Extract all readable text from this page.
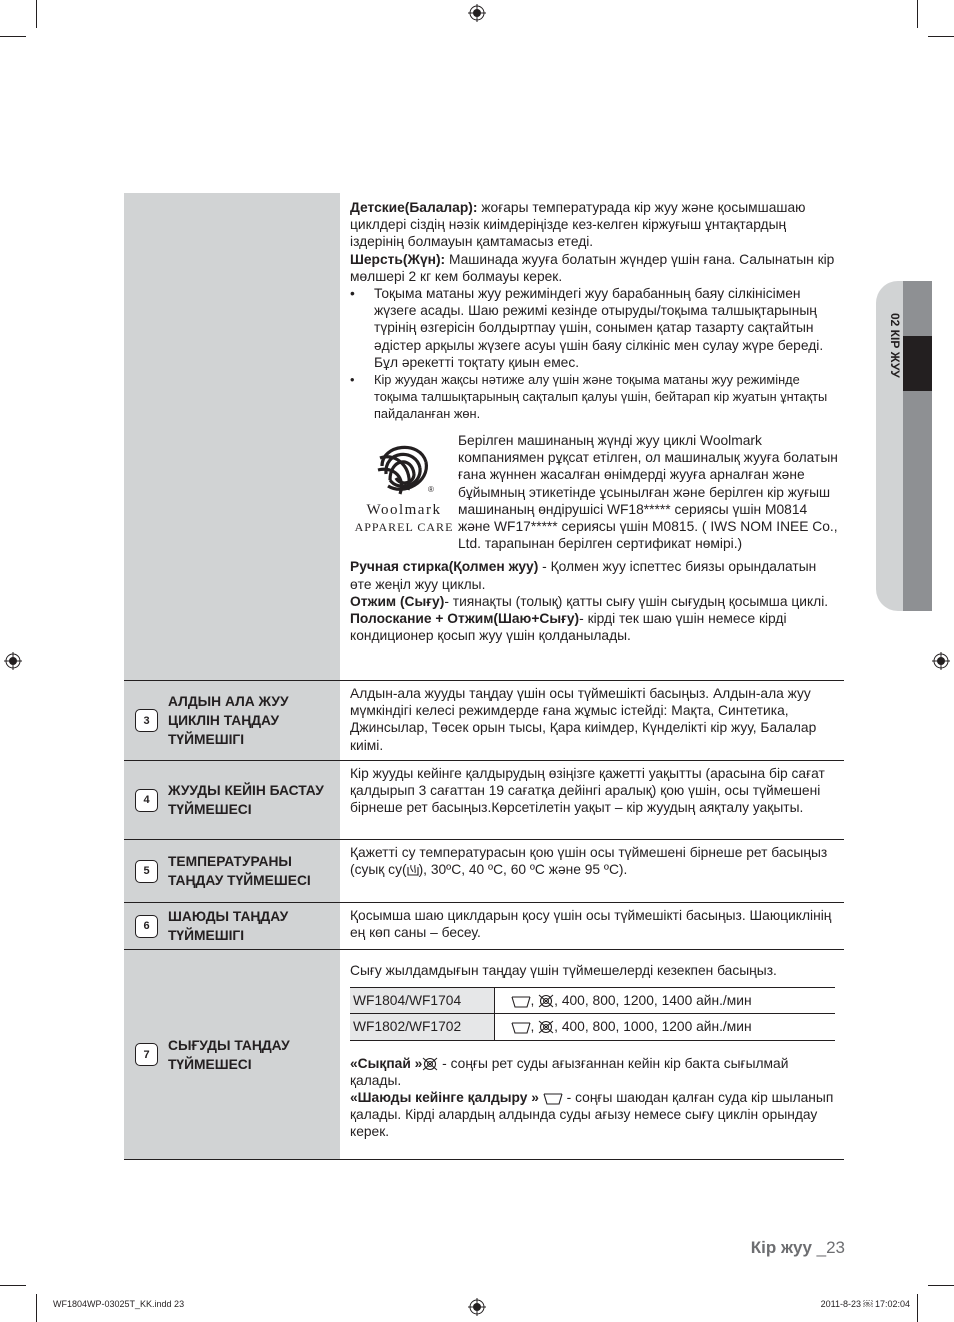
02 КІР ЖУУ
Детские(Балалар): жоғары температурада кір жуу және қосымшашаю циклдері сіздің нәзік киімдеріңізде кез-келген кіржуғыш ұнтақтардың іздерінің болмауын қамтамасыз етеді.
Шерсть(Жүн): Машинада жууға болатын жүндер үшін ғана. Салынатын кір мөлшері 2 кг кем болмауы керек.
•	Тоқыма матаны жуу режиміндегі жуу барабанның баяу сілкінісімен жүзеге асады. Шаю режимі кезінде отыруды/тоқыма талшықтарының түрінің өзгерісін болдыртпау үшін, сонымен қатар тазарту сақтайтын әдістер арқылы жүзеге асуы үшін баяу сілкініс мен сулау жүре береді. Бұл әрекетті тоқтату қиын емес.
•	Кір жуудан жақсы нәтиже алу үшін және тоқыма матаны жуу режимінде тоқыма талшықтарының сақталып қалуы үшін, бейтарап кір жуатын ұнтақты пайдаланған жөн.
®
Woolmark
APPAREL CARE
Берілген машинаның жүнді жуу циклі Woolmark компаниямен рұқсат етілген, ол машиналық жууға болатын ғана жүннен жасалған өнімдерді жууға арналған және бұйымның этикетінде ұсынылған және берілген кір жуғыш машинаның өндірушісі WF18***** сериясы үшін M0814 және WF17***** сериясы үшін M0815. ( IWS NOM INEE Co., Ltd. тарапынан берілген сертификат нөмірі.)
Ручная стирка(Қолмен жуу) - Қолмен жуу іспеттес биязы орындалатын өте жеңіл жуу циклы.
Отжим (Сығу)- тиянақты (толық) қатты сығу үшін сығудың қосымша циклі.
Полоскание + Отжим(Шаю+Сығу)- кірді тек шаю үшін немесе кірді кондиционер қосып жуу үшін қолданылады.
3
АЛДЫН АЛА ЖУУ ЦИКЛІН ТАҢДАУ ТҮЙМЕШІГІ
Алдын-ала жууды таңдау үшін осы түймешікті басыңыз. Алдын-ала жуу мүмкіндігі келесі режимдерде ғана жұмыс істейді: Мақта, Синтетика, Джинсылар, Төсек орын тысы, Қара киімдер, Күнделікті кір жуу, Балалар киімі.
4
ЖУУДЫ КЕЙІН БАСТАУ ТҮЙМЕШЕСІ
Кір жууды кейінге қалдырудың өзіңізге қажетті уақытты (арасына бір сағат қалдырып 3 сағаттан 19 сағатқа дейінгі аралық) қою үшін, осы түймешені бірнеше рет басыңыз.Көрсетілетін уақыт – кір жуудың аяқталу уақыты.
5
ТЕМПЕРАТУРАНЫ ТАҢДАУ ТҮЙМЕШЕСІ
Қажетті су температурасын қою үшін осы түймешені бірнеше рет басыңыз
(суық су( ), 30ºC, 40 ºC, 60 ºC және 95 ºC).
6
ШАЮДЫ ТАҢДАУ ТҮЙМЕШІГІ
Қосымша шаю циклдарын қосу үшін осы түймешікті басыңыз. Шаюциклінің ең көп саны – бесеу.
7
СЫҒУДЫ ТАҢДАУ ТҮЙМЕШЕСІ
Сығу жылдамдығын таңдау үшін түймешелерді кезекпен басыңыз.
WF1804/WF1704	, , 400, 800, 1200, 1400 айн./мин
WF1802/WF1702	, , 400, 800, 1000, 1200 айн./мин
«Сықпай » - соңғы рет суды ағызғаннан кейін кір бакта сығылмай қалады.
«Шаюды кейінге қалдыру »  - соңғы шаюдан қалған суда кір шыланып қалады. Кірді алардың алдында суды ағызу немесе сығу циклін орындау керек.
Кір жуу _23
WF1804WP-03025T_KK.indd 23	2011-8-23 ￼ 17:02:04
